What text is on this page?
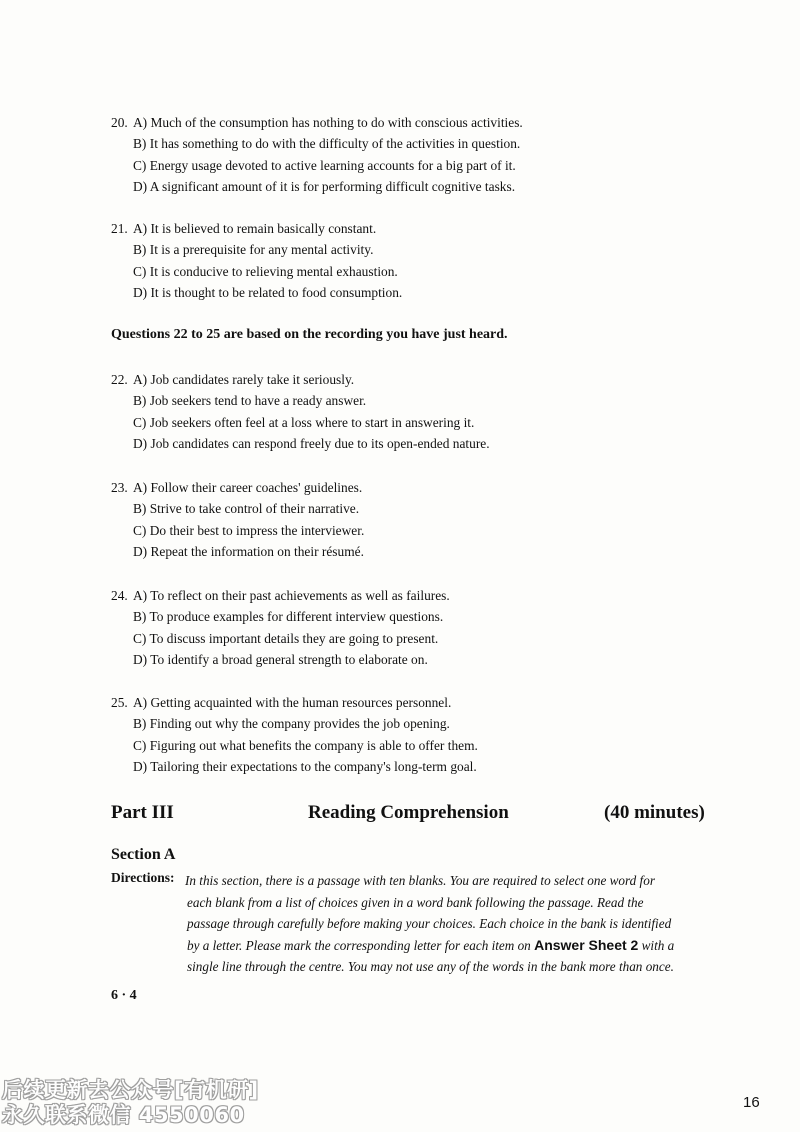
20. A) Much of the consumption has nothing to do with conscious activities.
B) It has something to do with the difficulty of the activities in question.
C) Energy usage devoted to active learning accounts for a big part of it.
D) A significant amount of it is for performing difficult cognitive tasks.
21. A) It is believed to remain basically constant.
B) It is a prerequisite for any mental activity.
C) It is conducive to relieving mental exhaustion.
D) It is thought to be related to food consumption.
Questions 22 to 25 are based on the recording you have just heard.
22. A) Job candidates rarely take it seriously.
B) Job seekers tend to have a ready answer.
C) Job seekers often feel at a loss where to start in answering it.
D) Job candidates can respond freely due to its open-ended nature.
23. A) Follow their career coaches' guidelines.
B) Strive to take control of their narrative.
C) Do their best to impress the interviewer.
D) Repeat the information on their résumé.
24. A) To reflect on their past achievements as well as failures.
B) To produce examples for different interview questions.
C) To discuss important details they are going to present.
D) To identify a broad general strength to elaborate on.
25. A) Getting acquainted with the human resources personnel.
B) Finding out why the company provides the job opening.
C) Figuring out what benefits the company is able to offer them.
D) Tailoring their expectations to the company's long-term goal.
Part III	Reading Comprehension	(40 minutes)
Section A
Directions: In this section, there is a passage with ten blanks. You are required to select one word for
each blank from a list of choices given in a word bank following the passage. Read the
passage through carefully before making your choices. Each choice in the bank is identified
by a letter. Please mark the corresponding letter for each item on Answer Sheet 2 with a
single line through the centre. You may not use any of the words in the bank more than once.
6 · 4
后续更新去公众号[有机研]
永久联系微信 4550060
16
